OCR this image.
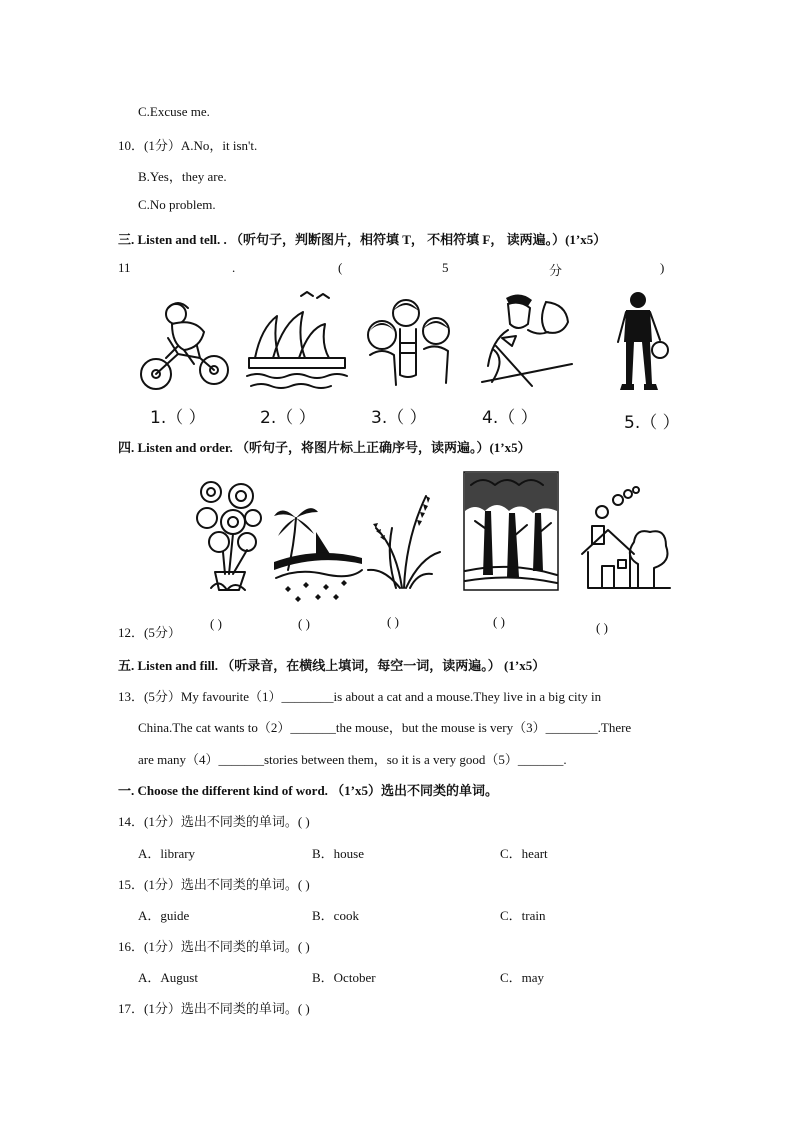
C.Excuse me.
10．(1分）A.No，it isn't.
B.Yes，they are.
C.No problem.
三. Listen and tell. . （听句子，判断图片，相符填 T， 不相符填 F， 读两遍。）(1’x5）
11	.	(	5	分	)
1.（ ）	2.（ ）	3.（ ）	4.（ ）	5.（ ）
四. Listen and order. （听句子，将图片标上正确序号，读两遍。）(1’x5）
12．(5分）
( )	( )	( )	( )	( )
五. Listen and fill. （听录音，在横线上填词，每空一词，读两遍。） (1’x5）
13．(5分）My favourite（1）________is about a cat and a mouse.They live in a big city in
China.The cat wants to（2）_______the mouse，but the mouse is very（3）________.There
are many（4）_______stories between them，so it is a very good（5）_______.
一. Choose the different kind of word. （1’x5）选出不同类的单词。
14．(1分）选出不同类的单词。( )
A．library	B．house	C．heart
15．(1分）选出不同类的单词。( )
A．guide	B．cook	C．train
16．(1分）选出不同类的单词。( )
A．August	B．October	C．may
17．(1分）选出不同类的单词。( )
